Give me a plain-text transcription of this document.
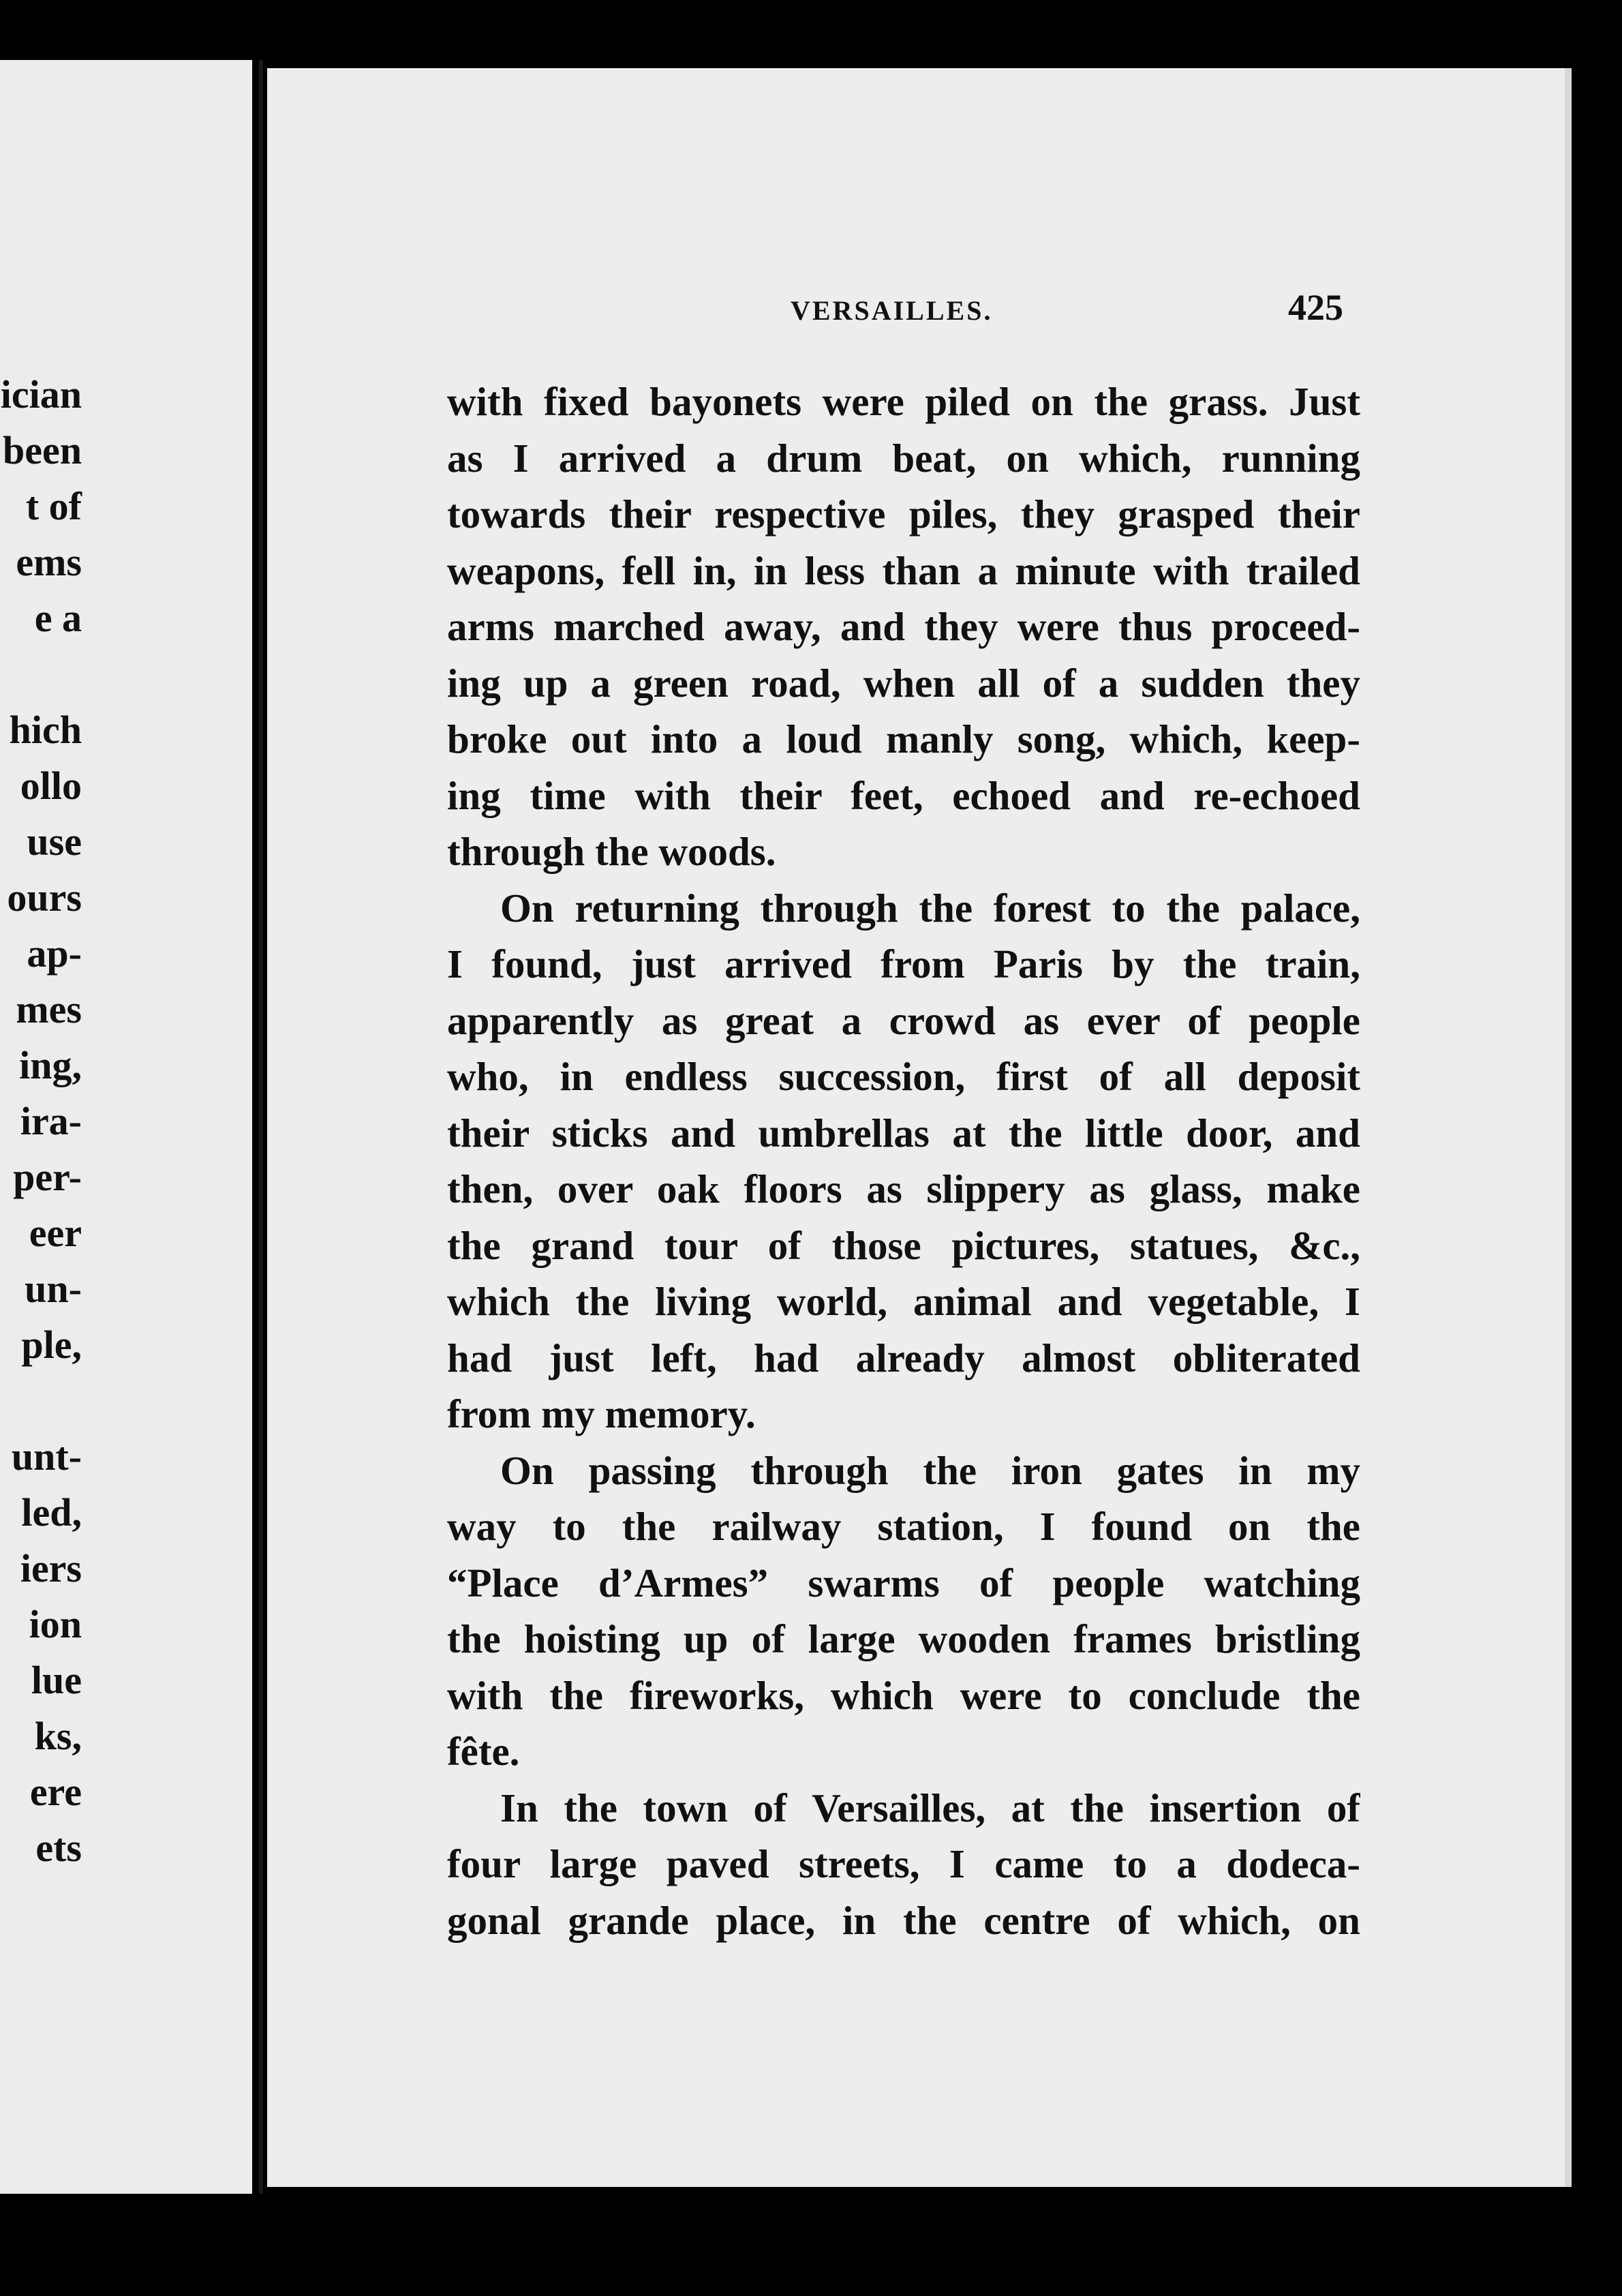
ician
been
t of
ems
e a
hich
ollo
use
ours
ap-
mes
ing,
ira-
per-
eer
un-
ple,
unt-
led,
iers
ion
lue
ks,
ere
ets
VERSAILLES.	425
with fixed bayonets were piled on the grass. Just
as I arrived a drum beat, on which, running
towards their respective piles, they grasped their
weapons, fell in, in less than a minute with trailed
arms marched away, and they were thus proceed-
ing up a green road, when all of a sudden they
broke out into a loud manly song, which, keep-
ing time with their feet, echoed and re-echoed
through the woods.
On returning through the forest to the palace,
I found, just arrived from Paris by the train,
apparently as great a crowd as ever of people
who, in endless succession, first of all deposit
their sticks and umbrellas at the little door, and
then, over oak floors as slippery as glass, make
the grand tour of those pictures, statues, &c.,
which the living world, animal and vegetable, I
had just left, had already almost obliterated
from my memory.
On passing through the iron gates in my
way to the railway station, I found on the
“Place d’Armes” swarms of people watching
the hoisting up of large wooden frames bristling
with the fireworks, which were to conclude the
fête.
In the town of Versailles, at the insertion of
four large paved streets, I came to a dodeca-
gonal grande place, in the centre of which, on
